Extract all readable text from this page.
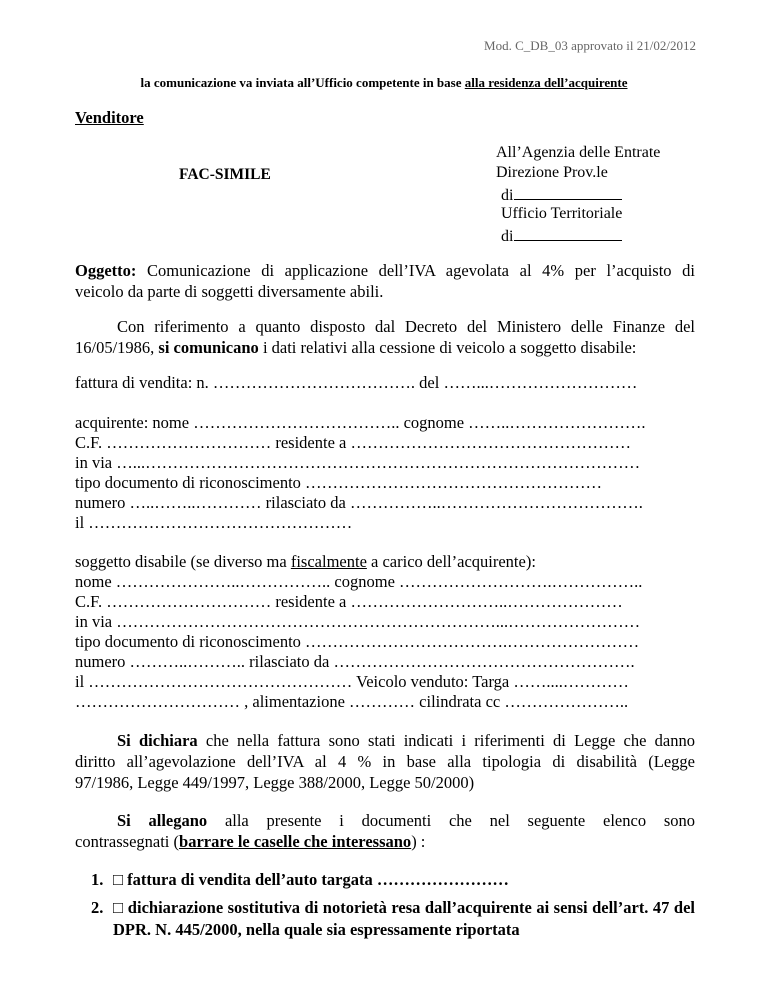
Mod. C_DB_03 approvato il 21/02/2012
la comunicazione va inviata all’Ufficio competente in base alla residenza dell’acquirente
Venditore
FAC-SIMILE
All’Agenzia delle Entrate
Direzione Prov.le
di
Ufficio Territoriale
di
Oggetto: Comunicazione di applicazione dell’IVA agevolata al 4% per l’acquisto di
veicolo da parte di soggetti diversamente abili.
Con riferimento a quanto disposto dal Decreto del Ministero delle Finanze del
16/05/1986, si comunicano i dati relativi alla cessione di veicolo a soggetto disabile:
fattura di vendita: n. ………………………………. del ……...………………………
acquirente: nome ……………………………….. cognome ……..…………………….
C.F. ………………………… residente a ……………………………………………
in via …...………………………………………………………………………………
tipo documento di riconoscimento ………………………………………………
numero …..……..………… rilasciato da ……………..……………………………….
il …………………………………………
soggetto disabile (se diverso ma fiscalmente a carico dell’acquirente):
nome …………………..…………….. cognome ……………………….……………..
C.F. ………………………… residente a ………………………..…………………
in via ……………………………………………………………...……………………
tipo documento di riconoscimento ……………………………….……………………
numero ………..……….. rilasciato da ……………………………………………….
il ………………………………………… Veicolo venduto: Targa ……....…………
………………………… , alimentazione ………… cilindrata cc …………………..
Si dichiara che nella fattura sono stati indicati i riferimenti di Legge che danno
diritto all’agevolazione dell’IVA al 4 % in base alla tipologia di disabilità (Legge
97/1986, Legge 449/1997, Legge 388/2000, Legge 50/2000)
Si allegano alla presente i documenti che nel seguente elenco sono
contrassegnati (barrare le caselle che interessano) :
1. □ fattura di vendita dell’auto targata ……………………
2. □ dichiarazione sostitutiva di notorietà resa dall’acquirente ai sensi dell’art. 47 del DPR. N. 445/2000, nella quale sia espressamente riportata
